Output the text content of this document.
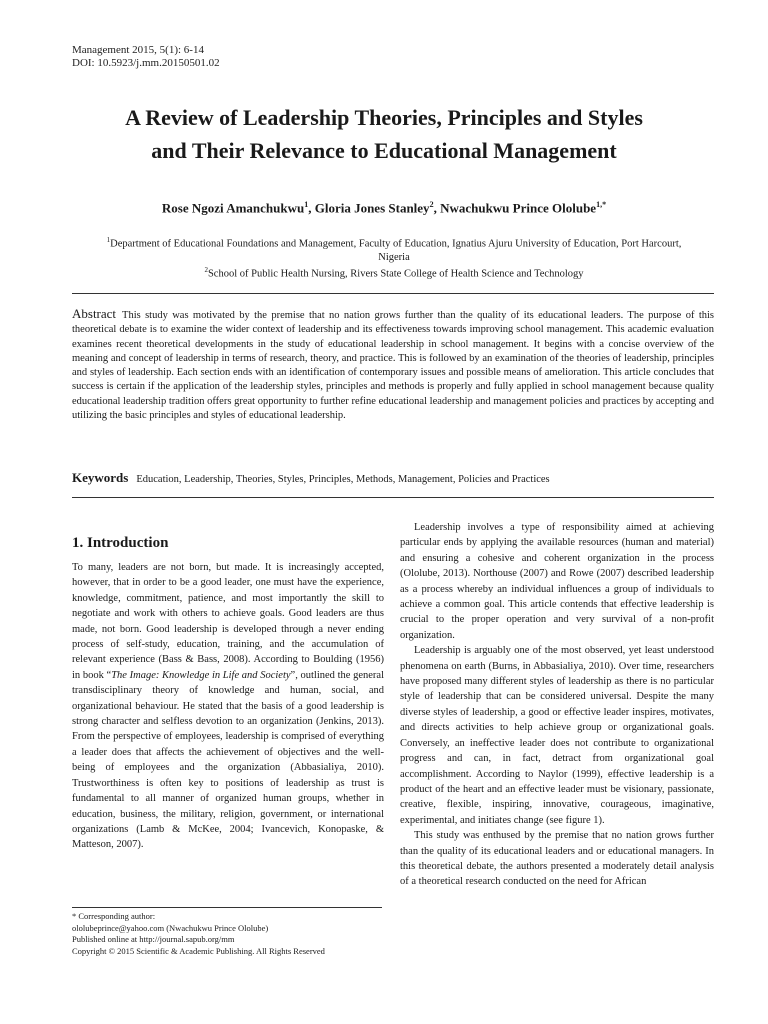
Management 2015, 5(1): 6-14
DOI: 10.5923/j.mm.20150501.02
A Review of Leadership Theories, Principles and Styles
and Their Relevance to Educational Management
Rose Ngozi Amanchukwu$^1$, Gloria Jones Stanley$^2$, Nwachukwu Prince Ololube$^{1,*}$
$^1$Department of Educational Foundations and Management, Faculty of Education, Ignatius Ajuru University of Education, Port Harcourt,
Nigeria
$^2$School of Public Health Nursing, Rivers State College of Health Science and Technology

Abstract This study was motivated by the premise that no nation grows further than the quality of its educational leaders. The purpose of this theoretical debate is to examine the wider context of leadership and its effectiveness towards improving school management. This academic evaluation examines recent theoretical developments in the study of educational leadership in school management. It begins with a concise overview of the meaning and concept of leadership in terms of research, theory, and practice. This is followed by an examination of the theories of leadership, principles and styles of leadership. Each section ends with an identification of contemporary issues and possible means of amelioration. This article concludes that success is certain if the application of the leadership styles, principles and methods is properly and fully applied in school management because quality educational leadership tradition offers great opportunity to further refine educational leadership and management policies and practices by accepting and utilizing the basic principles and styles of educational leadership.

Keywords Education, Leadership, Theories, Styles, Principles, Methods, Management, Policies and Practices
1. Introduction

To many, leaders are not born, but made. It is increasingly accepted, however, that in order to be a good leader, one must have the experience, knowledge, commitment, patience, and most importantly the skill to negotiate and work with others to achieve goals. Good leaders are thus made, not born. Good leadership is developed through a never ending process of self-study, education, training, and the accumulation of relevant experience (Bass & Bass, 2008). According to Boulding (1956) in book “The Image: Knowledge in Life and Society”, outlined the general transdisciplinary theory of knowledge and human, social, and organizational behaviour. He stated that the basis of a good leadership is strong character and selfless devotion to an organization (Jenkins, 2013). From the perspective of employees, leadership is comprised of everything a leader does that affects the achievement of objectives and the well-being of employees and the organization (Abbasialiya, 2010). Trustworthiness is often key to positions of leadership as trust is fundamental to all manner of organized human groups, whether in education, business, the military, religion, government, or international organizations (Lamb & McKee, 2004; Ivancevich, Konopaske, & Matteson, 2007).

Leadership involves a type of responsibility aimed at achieving particular ends by applying the available resources (human and material) and ensuring a cohesive and coherent organization in the process (Ololube, 2013). Northouse (2007) and Rowe (2007) described leadership as a process whereby an individual influences a group of individuals to achieve a common goal. This article contends that effective leadership is crucial to the proper operation and very survival of a non-profit organization.

Leadership is arguably one of the most observed, yet least understood phenomena on earth (Burns, in Abbasialiya, 2010). Over time, researchers have proposed many different styles of leadership as there is no particular style of leadership that can be considered universal. Despite the many diverse styles of leadership, a good or effective leader inspires, motivates, and directs activities to help achieve group or organizational goals. Conversely, an ineffective leader does not contribute to organizational progress and can, in fact, detract from organizational goal accomplishment. According to Naylor (1999), effective leadership is a product of the heart and an effective leader must be visionary, passionate, creative, flexible, inspiring, innovative, courageous, imaginative, experimental, and initiates change (see figure 1).

This study was enthused by the premise that no nation grows further than the quality of its educational leaders and or educational managers. In this theoretical debate, the authors presented a moderately detail analysis of a theoretical research conducted on the need for African

* Corresponding author:
ololubeprince@yahoo.com (Nwachukwu Prince Ololube)
Published online at http://journal.sapub.org/mm
Copyright © 2015 Scientific & Academic Publishing. All Rights Reserved
